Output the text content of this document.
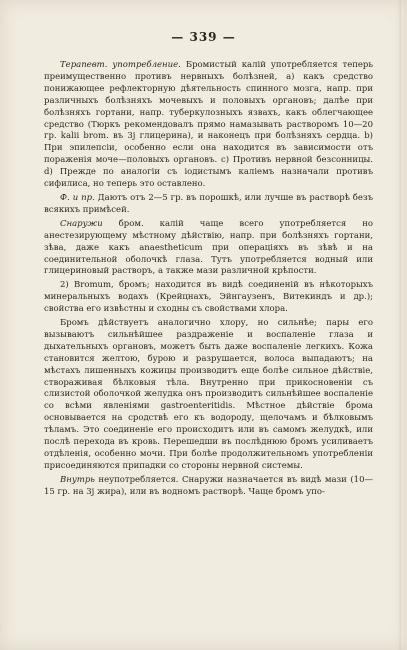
— 339 —

Терапевт. употребление. Бромистый калій употребляется теперь преимущественно противъ нервныхъ болѣзней, а) какъ средство понижающее рефлекторную дѣятельность спинного мозга, напр. при различныхъ болѣзняхъ мочевыхъ и половыхъ органовъ; далѣе при болѣзняхъ гортани, напр. туберкулозныхъ язвахъ, какъ облегчающее средство (Тюркъ рекомендовалъ прямо намазывать растворомъ 10—20 гр. kalii brom. въ 3j глицерина), и наконецъ при болѣзняхъ сердца. b) При эпилепсіи, особенно если она находится въ зависимости отъ пораженія моче—половыхъ органовъ. c) Противъ нервной безсонницы. d) Прежде по аналогіи съ іодистымъ каліемъ назначали противъ сифилиса, но теперь это оставлено.

Ф. и пр. Даютъ отъ 2—5 гр. въ порошкѣ, или лучше въ растворѣ безъ всякихъ примѣсей.

Снаружи бром. калій чаще всего употребляется но анестезирующему мѣстному дѣйствію, напр. при болѣзняхъ гортани, зѣва, даже какъ anaesthеticum при операціяхъ въ зѣвѣ и на соединительной оболочкѣ глаза. Тутъ употребляется водный или глицериновый растворъ, а также мази различной крѣпости.

2) Bromum, бромъ; находится въ видѣ соединеній въ нѣкоторыхъ минеральныхъ водахъ (Крейцнахъ, Эйнгаузенъ, Витекиндъ и др.); свойства его извѣстны и сходны съ свойствами хлора.

Бромъ дѣйствуетъ аналогично хлору, но сильнѣе; пары его вызываютъ сильнѣйшее раздраженіе и воспаленіе глаза и дыхательныхъ органовъ, можетъ быть даже воспаленіе легкихъ. Кожа становится желтою, бурою и разрушается, волоса выпадаютъ; на мѣстахъ лишенныхъ кожицы производитъ еще болѣе сильное дѣйствіе, створаживая бѣлковыя тѣла. Внутренно при прикосновеніи съ слизистой оболочкой желудка онъ производитъ сильнѣйшее воспаленіе со всѣми явленіями gastroenteritidis. Мѣстное дѣйствіе брома основывается на сродствѣ его къ водороду, щелочамъ и бѣлковымъ тѣламъ. Это соединеніе его происходитъ или въ самомъ желудкѣ, или послѣ перехода въ кровь. Перешедши въ послѣднюю бромъ усиливаетъ отдѣленія, особенно мочи. При болѣе продолжительномъ употребленіи присоединяются припадки со стороны нервной системы.

Внутрь неупотребляется. Снаружи назначается въ видѣ мази (10—15 гр. на 3j жира), или въ водномъ растворѣ. Чаще бромъ упо-
